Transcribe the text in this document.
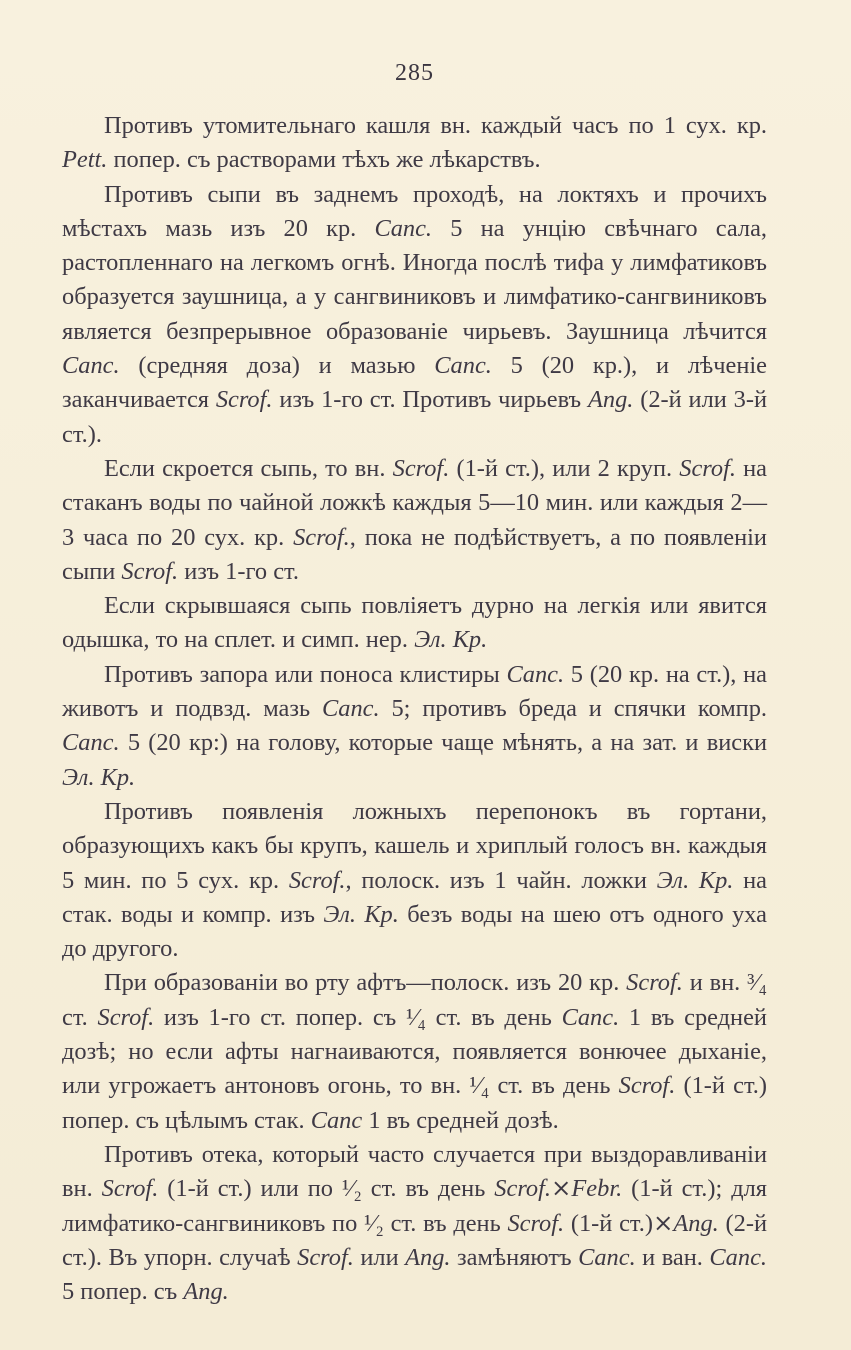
285

Противъ утомительнаго кашля вн. каждый часъ по 1 сух. кр. Pett. попер. съ растворами тѣхъ же лѣкарствъ.

Противъ сыпи въ заднемъ проходѣ, на локтяхъ и прочихъ мѣстахъ мазь изъ 20 кр. Canc. 5 на унцію свѣчнаго сала, растопленнаго на легкомъ огнѣ. Иногда послѣ тифа у лимфатиковъ образуется заушница, а у сангвиниковъ и лимфатико-сангвиниковъ является безпрерывное образованіе чирьевъ. Заушница лѣчится Canc. (средняя доза) и мазью Canc. 5 (20 кр.), и лѣченіе заканчивается Scrof. изъ 1-го ст. Противъ чирьевъ Ang. (2-й или 3-й ст.).

Если скроется сыпь, то вн. Scrof. (1-й ст.), или 2 круп. Scrof. на стаканъ воды по чайной ложкѣ каждыя 5—10 мин. или каждыя 2—3 часа по 20 сух. кр. Scrof., пока не подѣйствуетъ, а по появленіи сыпи Scrof. изъ 1-го ст.

Если скрывшаяся сыпь повліяетъ дурно на легкія или явится одышка, то на сплет. и симп. нер. Эл. Кр.

Противъ запора или поноса клистиры Canc. 5 (20 кр. на ст.), на животъ и подвзд. мазь Canc. 5; противъ бреда и спячки компр. Canc. 5 (20 кр:) на голову, которые чаще мѣнять, а на зат. и виски Эл. Кр.

Противъ появленія ложныхъ перепонокъ въ гортани, образующихъ какъ бы крупъ, кашель и хриплый голосъ вн. каждыя 5 мин. по 5 сух. кр. Scrof., полоск. изъ 1 чайн. ложки Эл. Кр. на стак. воды и компр. изъ Эл. Кр. безъ воды на шею отъ одного уха до другого.

При образованіи во рту афтъ—полоск. изъ 20 кр. Scrof. и вн. ³⁄₄ ст. Scrof. изъ 1-го ст. попер. съ ¹⁄₄ ст. въ день Canc. 1 въ средней дозѣ; но если афты нагнаиваются, появляется вонючее дыханіе, или угрожаетъ антоновъ огонь, то вн. ¹⁄₄ ст. въ день Scrof. (1-й ст.) попер. съ цѣлымъ стак. Canc 1 въ средней дозѣ.

Противъ отека, который часто случается при выздоравливаніи вн. Scrof. (1-й ст.) или по ¹⁄₂ ст. въ день Scrof.⨯Febr. (1-й ст.); для лимфатико-сангвиниковъ по ¹⁄₂ ст. въ день Scrof. (1-й ст.)⨯Ang. (2-й ст.). Въ упорн. случаѣ Scrof. или Ang. замѣняютъ Canc. и ван. Canc. 5 попер. съ Ang.
